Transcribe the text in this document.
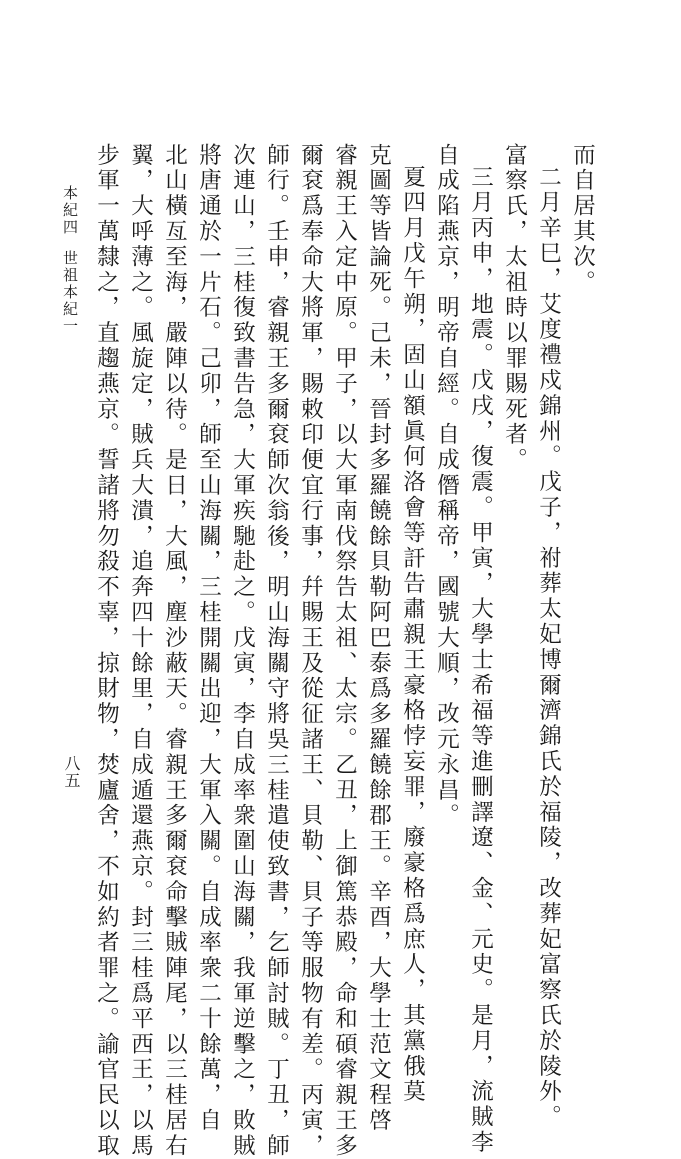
而自居其次。
二月辛巳，艾度禮戍錦州。戊子，祔葬太妃博爾濟錦氏於福陵，改葬妃富察氏於陵外。
富察氏，太祖時以罪賜死者。
三月丙申，地震。戊戌，復震。甲寅，大學士希福等進刪譯遼、金、元史。是月，流賊李
自成陷燕京，明帝自經。自成僭稱帝，國號大順，改元永昌。
夏四月戊午朔，固山額眞何洛會等訐告肅親王豪格悖妄罪，廢豪格爲庶人，其黨俄莫
克圖等皆論死。己未，晉封多羅饒餘貝勒阿巴泰爲多羅饒餘郡王。辛酉，大學士范文程啓
睿親王入定中原。甲子，以大軍南伐祭告太祖、太宗。乙丑，上御篤恭殿，命和碩睿親王多
爾袞爲奉命大將軍，賜敕印便宜行事，幷賜王及從征諸王、貝勒、貝子等服物有差。丙寅，
師行。壬申，睿親王多爾袞師次翁後，明山海關守將吳三桂遣使致書，乞師討賊。丁丑，師
次連山，三桂復致書告急，大軍疾馳赴之。戊寅，李自成率衆圍山海關，我軍逆擊之，敗賊
將唐通於一片石。己卯，師至山海關，三桂開關出迎，大軍入關。自成率衆二十餘萬，自
北山橫亙至海，嚴陣以待。是日，大風，塵沙蔽天。睿親王多爾袞命擊賊陣尾，以三桂居右
翼，大呼薄之。風旋定，賊兵大潰，追奔四十餘里，自成遁還燕京。封三桂爲平西王，以馬
步軍一萬隸之，直趨燕京。誓諸將勿殺不辜，掠財物，焚廬舍，不如約者罪之。諭官民以取
本紀四世祖本紀一
八五
